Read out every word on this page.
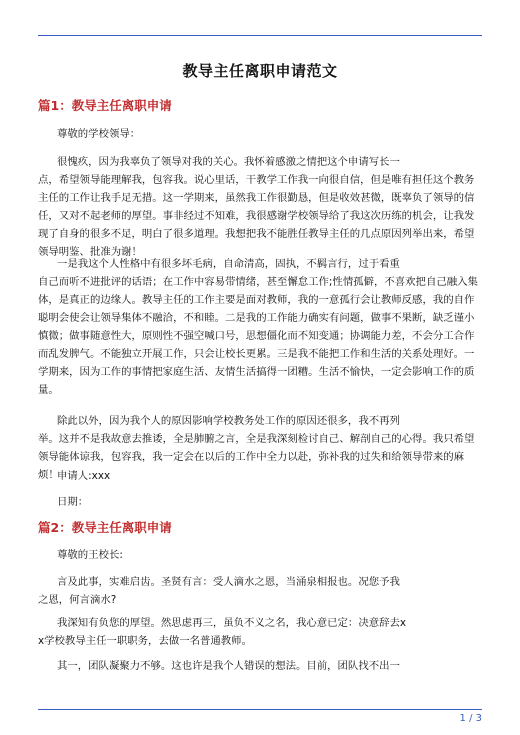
教导主任离职申请范文
篇1：教导主任离职申请

尊敬的学校领导：

很愧疚，因为我辜负了领导对我的关心。我怀着感激之情把这个申请写长一
点，希望领导能理解我，包容我。说心里话，干教学工作我一向很自信，但是唯有担任这个教务主任的工作让我手足无措。这一学期来，虽然我工作很勤恳，但是收效甚微，既辜负了领导的信任，又对不起老师的厚望。事非经过不知难，我很感谢学校领导给了我这次历练的机会，让我发现了自身的很多不足，明白了很多道理。我想把我不能胜任教导主任的几点原因列举出来，希望领导明鉴、批准为谢！

一是我这个人性格中有很多坏毛病，自命清高，固执，不羁言行，过于看重
自己而听不进批评的话语；在工作中容易带情绪，甚至懈怠工作;性情孤僻，不喜欢把自己融入集体，是真正的边缘人。教导主任的工作主要是面对教师，我的一意孤行会让教师反感，我的自作聪明会使会让领导集体不融洽，不和睦。二是我的工作能力确实有问题，做事不果断，缺乏谨小慎微；做事随意性大，原则性不强空喊口号，思想僵化而不知变通；协调能力差，不会分工合作而乱发脾气。不能独立开展工作，只会让校长更累。三是我不能把工作和生活的关系处理好。一学期来，因为工作的事情把家庭生活、友情生活搞得一团糟。生活不愉快，一定会影响工作的质量。

除此以外，因为我个人的原因影响学校教务处工作的原因还很多，我不再列
举。这并不是我故意去推诿，全是肺腑之言，全是我深刻检讨自己、解剖自己的心得。我只希望领导能体谅我，包容我，我一定会在以后的工作中全力以赴，弥补我的过失和给领导带来的麻烦！

申请人:xxx

日期：

篇2：教导主任离职申请

尊敬的王校长:

言及此事，实难启齿。圣贤有言：受人滴水之恩，当涌泉相报也。况您予我
之恩，何言滴水?

我深知有负您的厚望。然思虑再三，虽负不义之名，我心意已定：决意辞去x
x学校教导主任一职职务，去做一名普通教师。

其一，团队凝聚力不够。这也许是我个人错误的想法。目前，团队找不出一

1 / 3
